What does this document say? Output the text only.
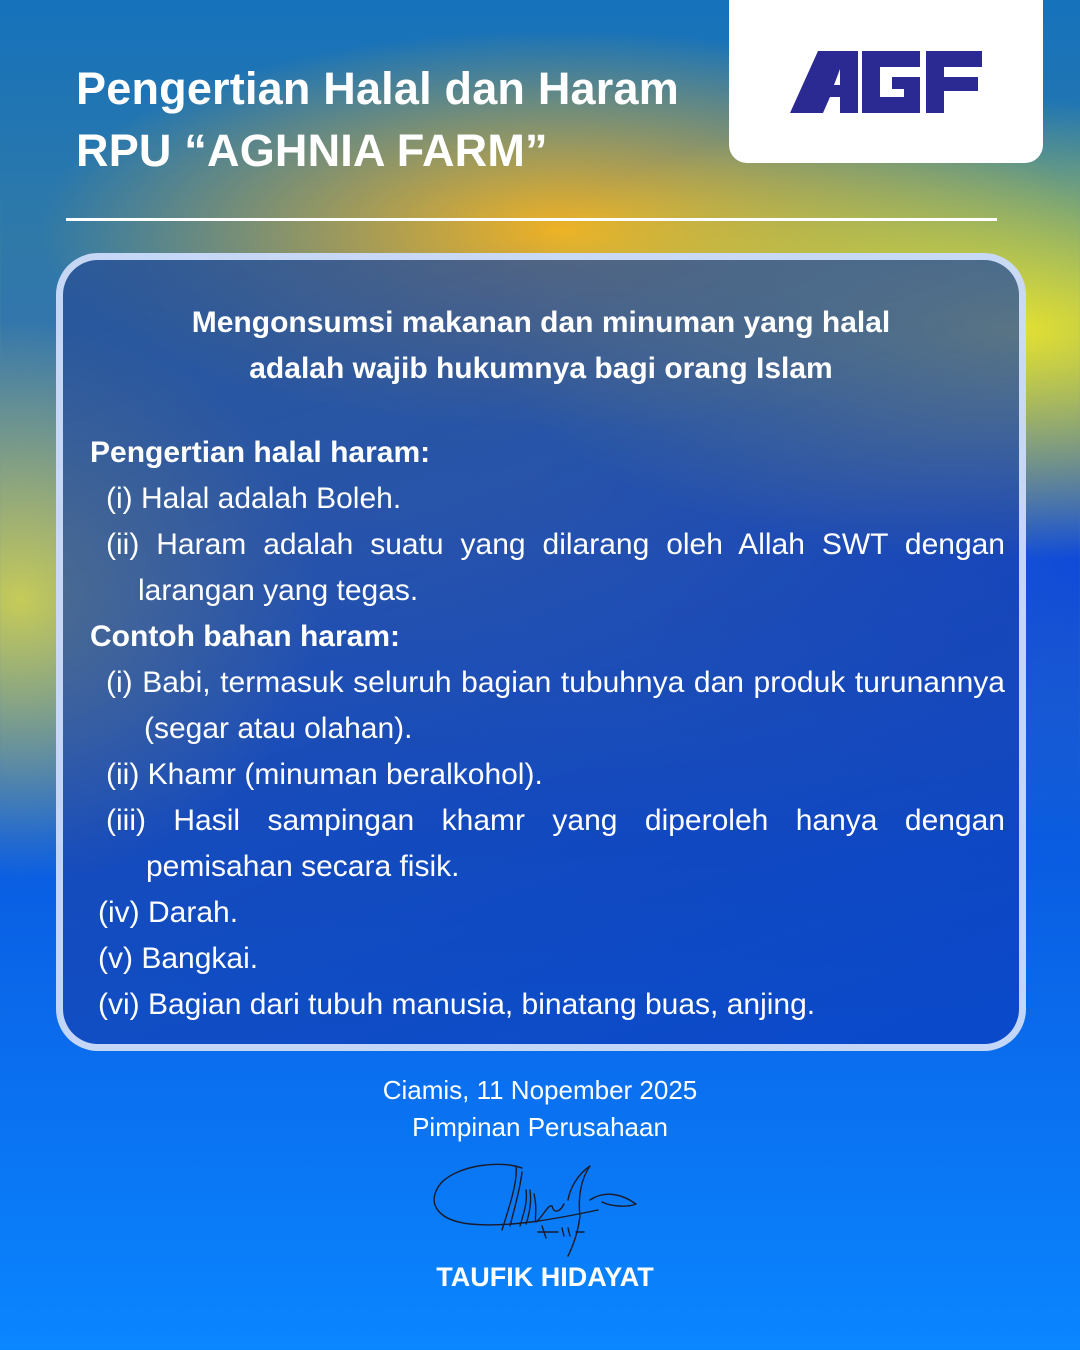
Pengertian Halal dan Haram
RPU “AGHNIA FARM”
Mengonsumsi makanan dan minuman yang halal
adalah wajib hukumnya bagi orang Islam
Pengertian halal haram:
(i) Halal adalah Boleh.
(ii) Haram adalah suatu yang dilarang oleh Allah SWT dengan larangan yang tegas.
Contoh bahan haram:
(i) Babi, termasuk seluruh bagian tubuhnya dan produk turunannya (segar atau olahan).
(ii) Khamr (minuman beralkohol).
(iii) Hasil sampingan khamr yang diperoleh hanya dengan pemisahan secara fisik.
(iv) Darah.
(v) Bangkai.
(vi) Bagian dari tubuh manusia, binatang buas, anjing.
Ciamis, 11 Nopember 2025
Pimpinan Perusahaan
TAUFIK HIDAYAT
